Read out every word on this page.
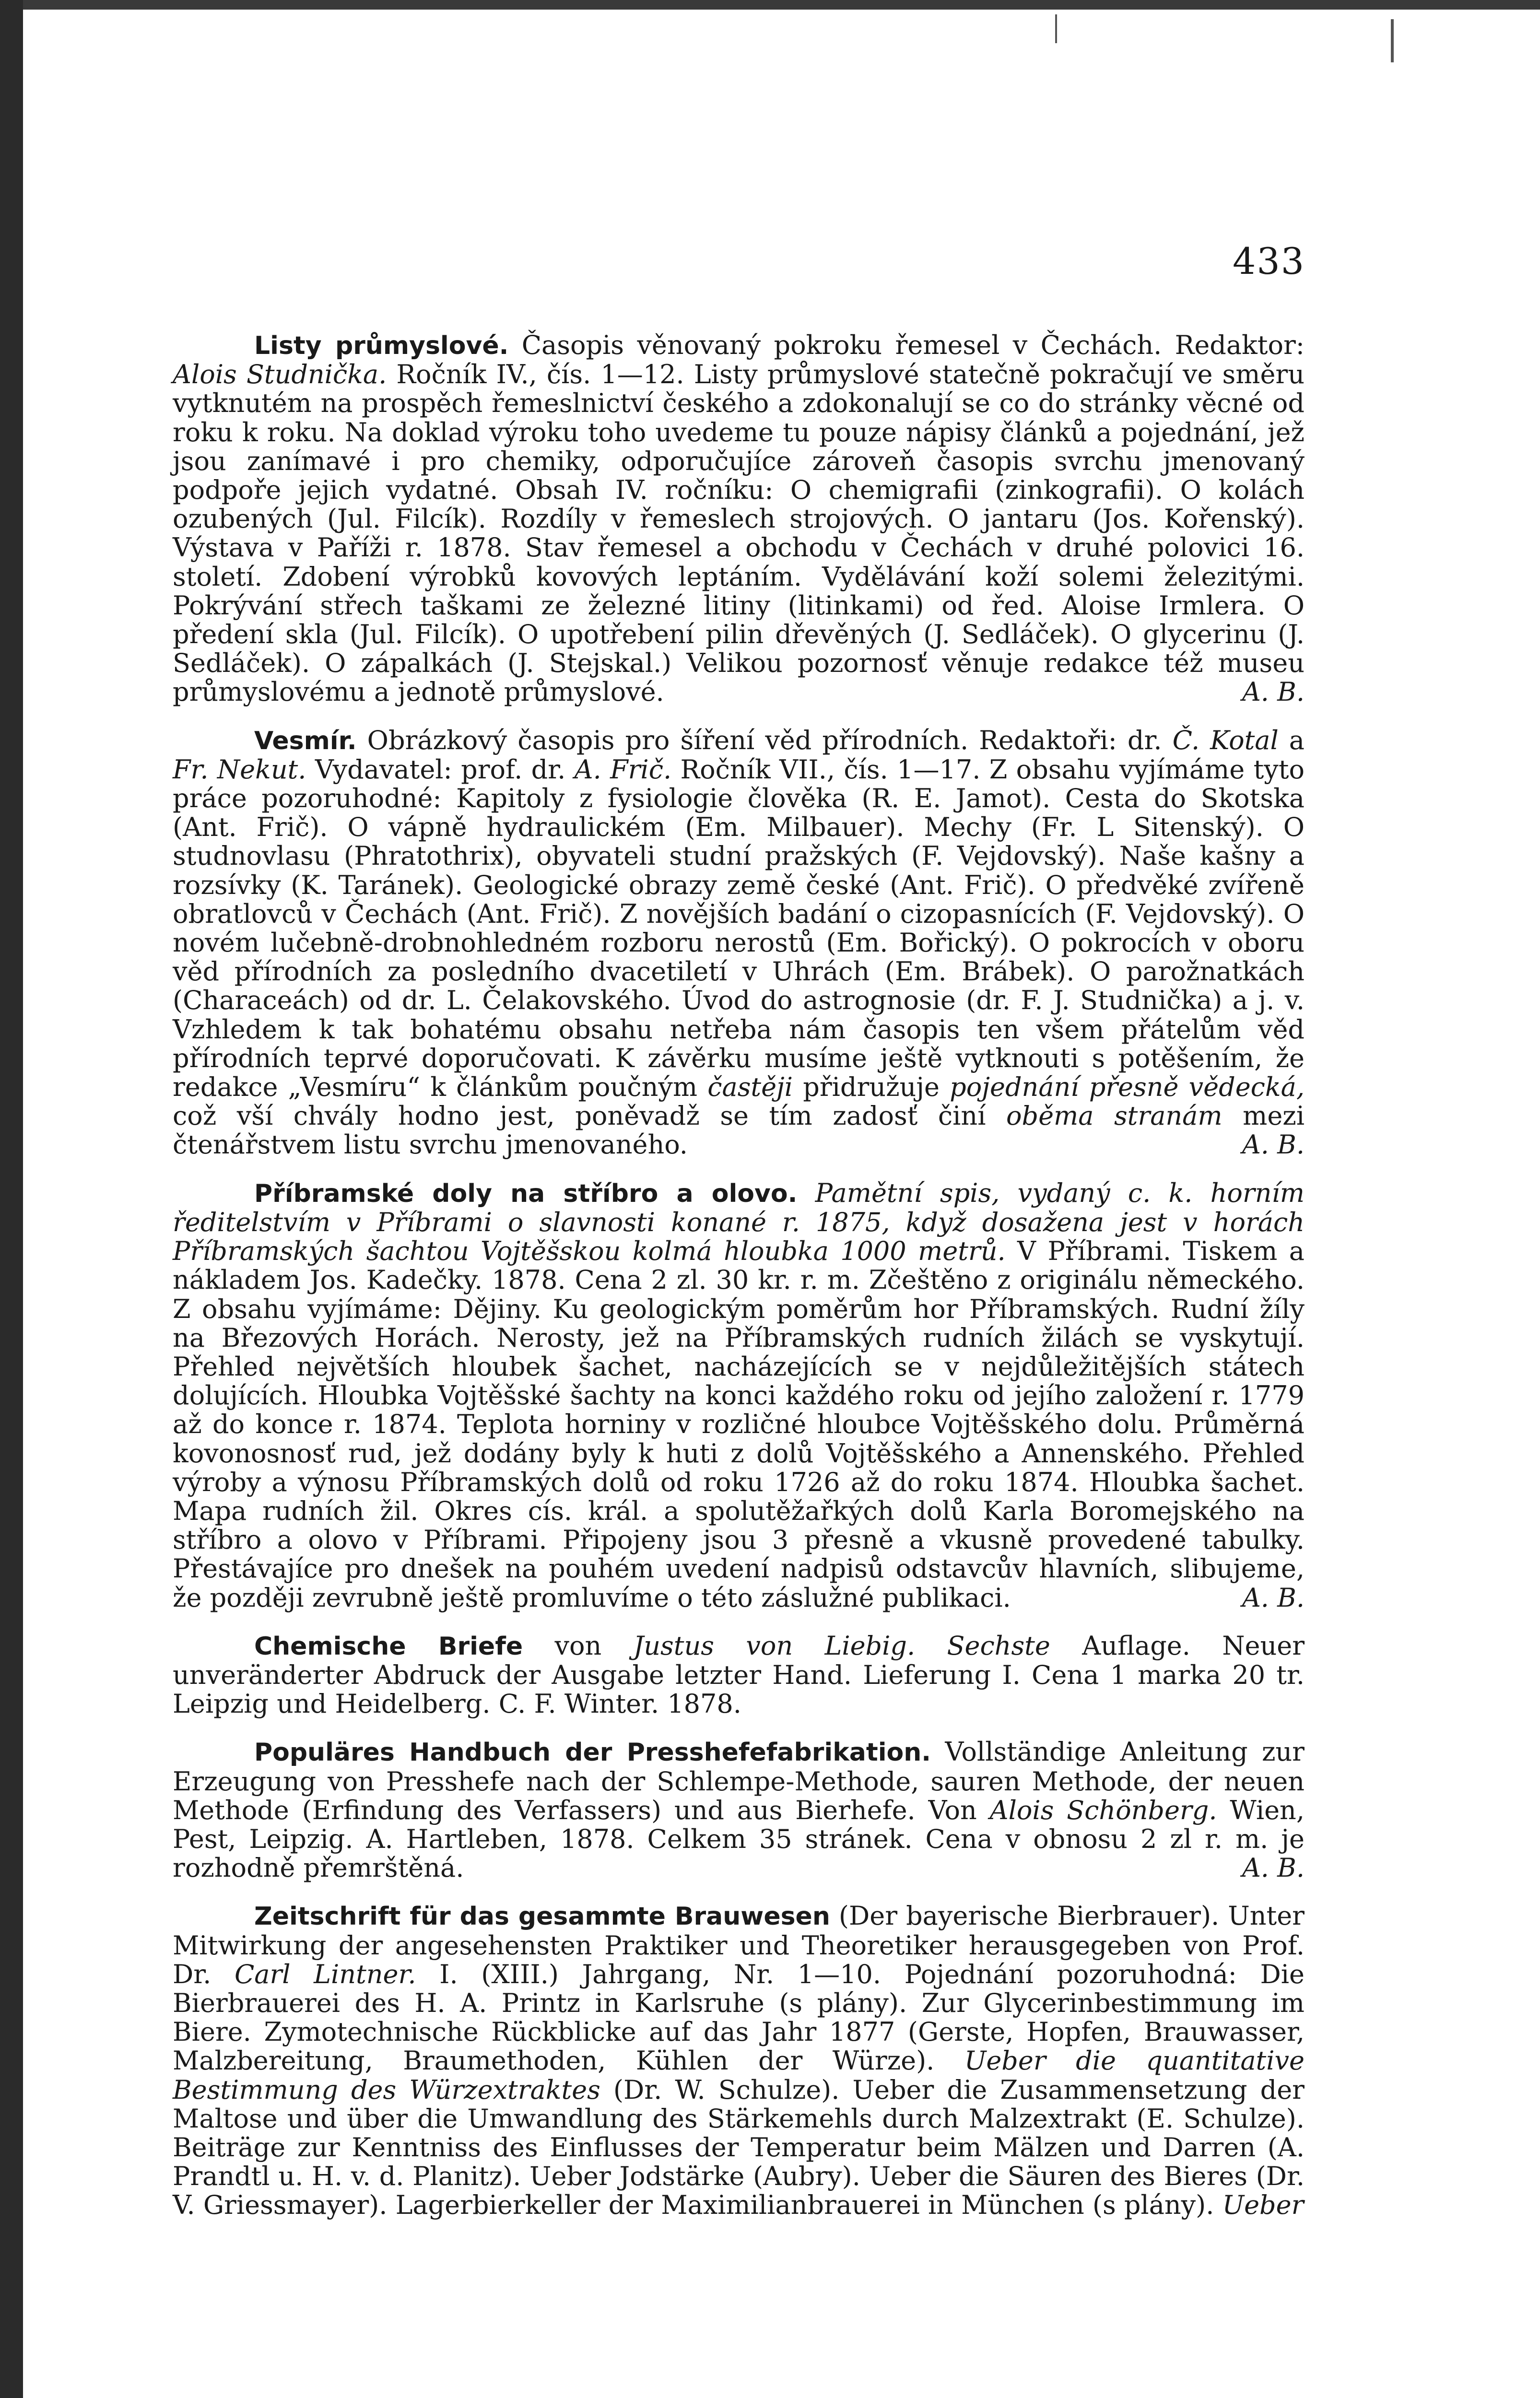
433

Listy průmyslové. Časopis věnovaný pokroku řemesel v Čechách. Redaktor: Alois Studnička. Ročník IV., čís. 1—12. Listy průmyslové statečně pokračují ve směru vytknutém na prospěch řemeslnictví českého a zdokonalují se co do stránky věcné od roku k roku. Na doklad výroku toho uvedeme tu pouze nápisy článků a pojednání, jež jsou zanímavé i pro chemiky, odporučujíce zároveň časopis svrchu jmenovaný podpoře jejich vydatné. Obsah IV. ročníku: O chemigrafii (zinkografii). O kolách ozubených (Jul. Filcík). Rozdíly v řemeslech strojových. O jantaru (Jos. Kořenský). Výstava v Paříži r. 1878. Stav řemesel a obchodu v Čechách v druhé polovici 16. století. Zdobení výrobků kovových leptáním. Vydělávání koží solemi železitými. Pokrývání střech taškami ze železné litiny (litinkami) od řed. Aloise Irmlera. O předení skla (Jul. Filcík). O upotřebení pilin dřevěných (J. Sedláček). O glycerinu (J. Sedláček). O zápalkách (J. Stejskal.) Velikou pozornosť věnuje redakce též museu průmyslovému a jednotě průmyslové.	A. B.

Vesmír. Obrázkový časopis pro šíření věd přírodních. Redaktoři: dr. Č. Kotal a Fr. Nekut. Vydavatel: prof. dr. A. Frič. Ročník VII., čís. 1—17. Z obsahu vyjímáme tyto práce pozoruhodné: Kapitoly z fysiologie člověka (R. E. Jamot). Cesta do Skotska (Ant. Frič). O vápně hydraulickém (Em. Milbauer). Mechy (Fr. L Sitenský). O studnovlasu (Phratothrix), obyvateli studní pražských (F. Vejdovský). Naše kašny a rozsívky (K. Taránek). Geologické obrazy země české (Ant. Frič). O předvěké zvířeně obratlovců v Čechách (Ant. Frič). Z novějších badání o cizopasnících (F. Vejdovský). O novém lučebně-drobnohledném rozboru nerostů (Em. Bořický). O pokrocích v oboru věd přírodních za posledního dvacetiletí v Uhrách (Em. Brábek). O parožnatkách (Characeách) od dr. L. Čelakovského. Úvod do astrognosie (dr. F. J. Studnička) a j. v. Vzhledem k tak bohatému obsahu netřeba nám časopis ten všem přátelům věd přírodních teprvé doporučovati. K závěrku musíme ještě vytknouti s potěšením, že redakce „Vesmíru“ k článkům poučným častěji přidružuje pojednání přesně vědecká, což vší chvály hodno jest, poněvadž se tím zadosť činí oběma stranám mezi čtenářstvem listu svrchu jmenovaného.	A. B.

Příbramské doly na stříbro a olovo. Pamětní spis, vydaný c. k. horním ředitelstvím v Příbrami o slavnosti konané r. 1875, když dosažena jest v horách Příbramských šachtou Vojtěšskou kolmá hloubka 1000 metrů. V Příbrami. Tiskem a nákladem Jos. Kadečky. 1878. Cena 2 zl. 30 kr. r. m. Zčeštěno z originálu německého. Z obsahu vyjímáme: Dějiny. Ku geologickým poměrům hor Příbramských. Rudní žíly na Březových Horách. Nerosty, jež na Příbramských rudních žilách se vyskytují. Přehled největších hloubek šachet, nacházejících se v nejdůležitějších státech dolujících. Hloubka Vojtěšské šachty na konci každého roku od jejího založení r. 1779 až do konce r. 1874. Teplota horniny v rozličné hloubce Vojtěšského dolu. Průměrná kovonosnosť rud, jež dodány byly k huti z dolů Vojtěšského a Annenského. Přehled výroby a výnosu Příbramských dolů od roku 1726 až do roku 1874. Hloubka šachet. Mapa rudních žil. Okres cís. král. a spolutěžařkých dolů Karla Boromejského na stříbro a olovo v Příbrami. Připojeny jsou 3 přesně a vkusně provedené tabulky. Přestávajíce pro dnešek na pouhém uvedení nadpisů odstavcův hlavních, slibujeme, že později zevrubně ještě promluvíme o této záslužné publikaci.	A. B.

Chemische Briefe von Justus von Liebig. Sechste Auflage. Neuer unveränderter Abdruck der Ausgabe letzter Hand. Lieferung I. Cena 1 marka 20 tr. Leipzig und Heidelberg. C. F. Winter. 1878.

Populäres Handbuch der Presshefefabrikation. Vollständige Anleitung zur Erzeugung von Presshefe nach der Schlempe-Methode, sauren Methode, der neuen Methode (Erfindung des Verfassers) und aus Bierhefe. Von Alois Schönberg. Wien, Pest, Leipzig. A. Hartleben, 1878. Celkem 35 stránek. Cena v obnosu 2 zl r. m. je rozhodně přemrštěná.	A. B.

Zeitschrift für das gesammte Brauwesen (Der bayerische Bierbrauer). Unter Mitwirkung der angesehensten Praktiker und Theoretiker herausgegeben von Prof. Dr. Carl Lintner. I. (XIII.) Jahrgang, Nr. 1—10. Pojednání pozoruhodná: Die Bierbrauerei des H. A. Printz in Karlsruhe (s plány). Zur Glycerinbestimmung im Biere. Zymotechnische Rückblicke auf das Jahr 1877 (Gerste, Hopfen, Brauwasser, Malzbereitung, Braumethoden, Kühlen der Würze). Ueber die quantitative Bestimmung des Würzextraktes (Dr. W. Schulze). Ueber die Zusammensetzung der Maltose und über die Umwandlung des Stärkemehls durch Malzextrakt (E. Schulze). Beiträge zur Kenntniss des Einflusses der Temperatur beim Mälzen und Darren (A. Prandtl u. H. v. d. Planitz). Ueber Jodstärke (Aubry). Ueber die Säuren des Bieres (Dr. V. Griessmayer). Lagerbierkeller der Maximilianbrauerei in München (s plány). Ueber
